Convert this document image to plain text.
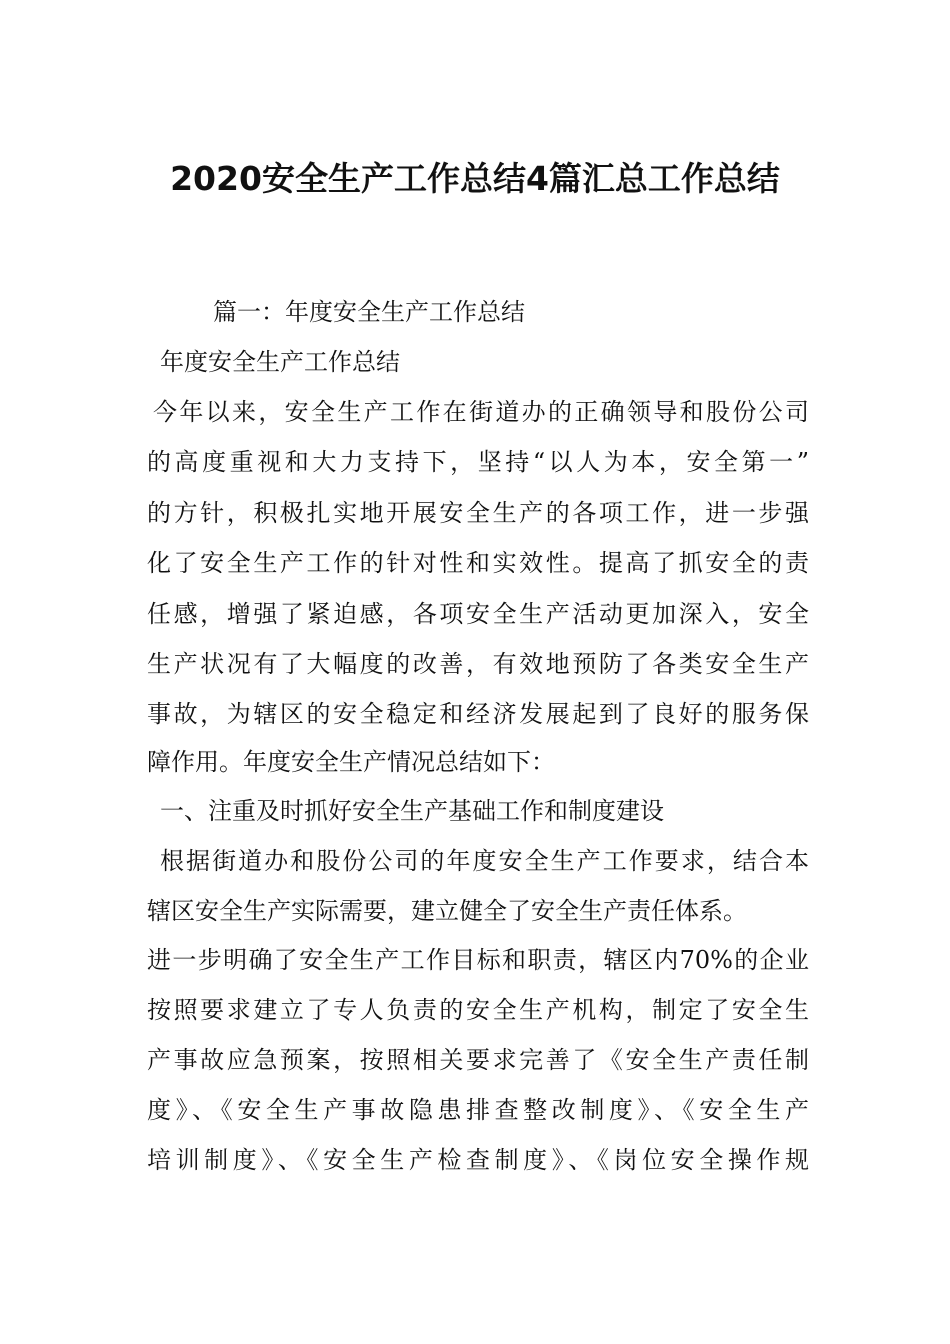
2020安全生产工作总结4篇汇总工作总结

篇一：年度安全生产工作总结

年度安全生产工作总结

今年以来，安全生产工作在街道办的正确领导和股份公司

的高度重视和大力支持下，坚持“以人为本，安全第一”

的方针，积极扎实地开展安全生产的各项工作，进一步强

化了安全生产工作的针对性和实效性。提高了抓安全的责

任感，增强了紧迫感，各项安全生产活动更加深入，安全

生产状况有了大幅度的改善，有效地预防了各类安全生产

事故，为辖区的安全稳定和经济发展起到了良好的服务保

障作用。年度安全生产情况总结如下：

一、注重及时抓好安全生产基础工作和制度建设

根据街道办和股份公司的年度安全生产工作要求，结合本

辖区安全生产实际需要，建立健全了安全生产责任体系。

进一步明确了安全生产工作目标和职责，辖区内70%的企业

按照要求建立了专人负责的安全生产机构，制定了安全生

产事故应急预案，按照相关要求完善了《安全生产责任制

度》、《安全生产事故隐患排查整改制度》、《安全生产

培训制度》、《安全生产检查制度》、《岗位安全操作规
